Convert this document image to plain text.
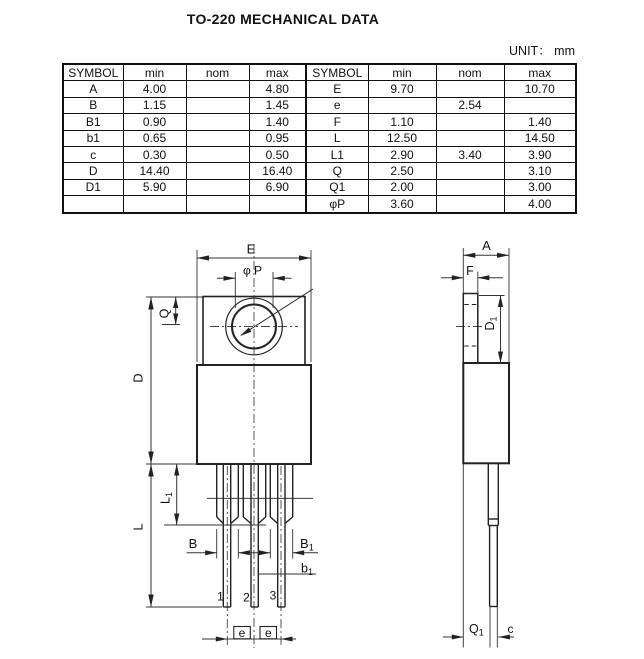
TO-220 MECHANICAL DATA
UNIT： mm
SYMBOL	min	nom	max	SYMBOL	min	nom	max
A	4.00		4.80	E	9.70		10.70
B	1.15		1.45	e		2.54	
B1	0.90		1.40	F	1.10		1.40
b1	0.65		0.95	L	12.50		14.50
c	0.30		0.50	L1	2.90	3.40	3.90
D	14.40		16.40	Q	2.50		3.10
D1	5.90		6.90	Q1	2.00		3.00
				φP	3.60		4.00
E
φ P
Q
D
L
$L_1$
B	B1
$b_1$
1 2 3
e e
A
F
$D_1$
$Q_1$ c
